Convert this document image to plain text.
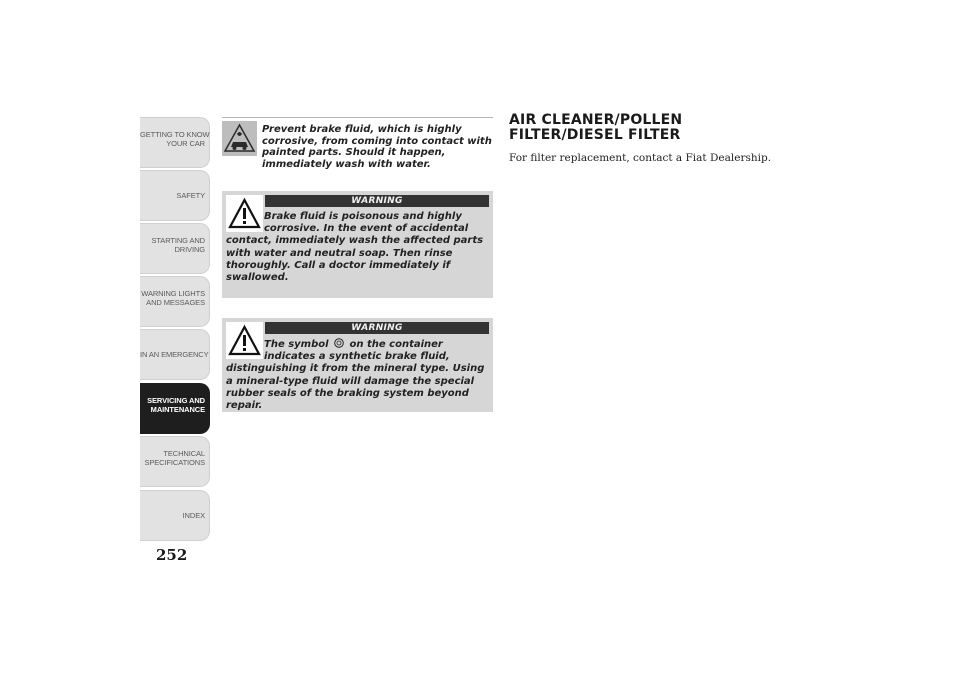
GETTING TO KNOW
YOUR CAR
SAFETY
STARTING AND
DRIVING
WARNING LIGHTS
AND MESSAGES
IN AN EMERGENCY
SERVICING AND
MAINTENANCE
TECHNICAL
SPECIFICATIONS
INDEX
252
Prevent brake fluid, which is highly corrosive, from coming into contact with painted parts. Should it happen, immediately wash with water.
WARNING
Brake fluid is poisonous and highly corrosive. In the event of accidental contact, immediately wash the affected parts with water and neutral soap. Then rinse thoroughly. Call a doctor immediately if swallowed.
WARNING
The symbol  on the container indicates a synthetic brake fluid, distinguishing it from the mineral type. Using a mineral-type fluid will damage the special rubber seals of the braking system beyond repair.
AIR CLEANER/POLLEN
FILTER/DIESEL FILTER
For filter replacement, contact a Fiat Dealership.
